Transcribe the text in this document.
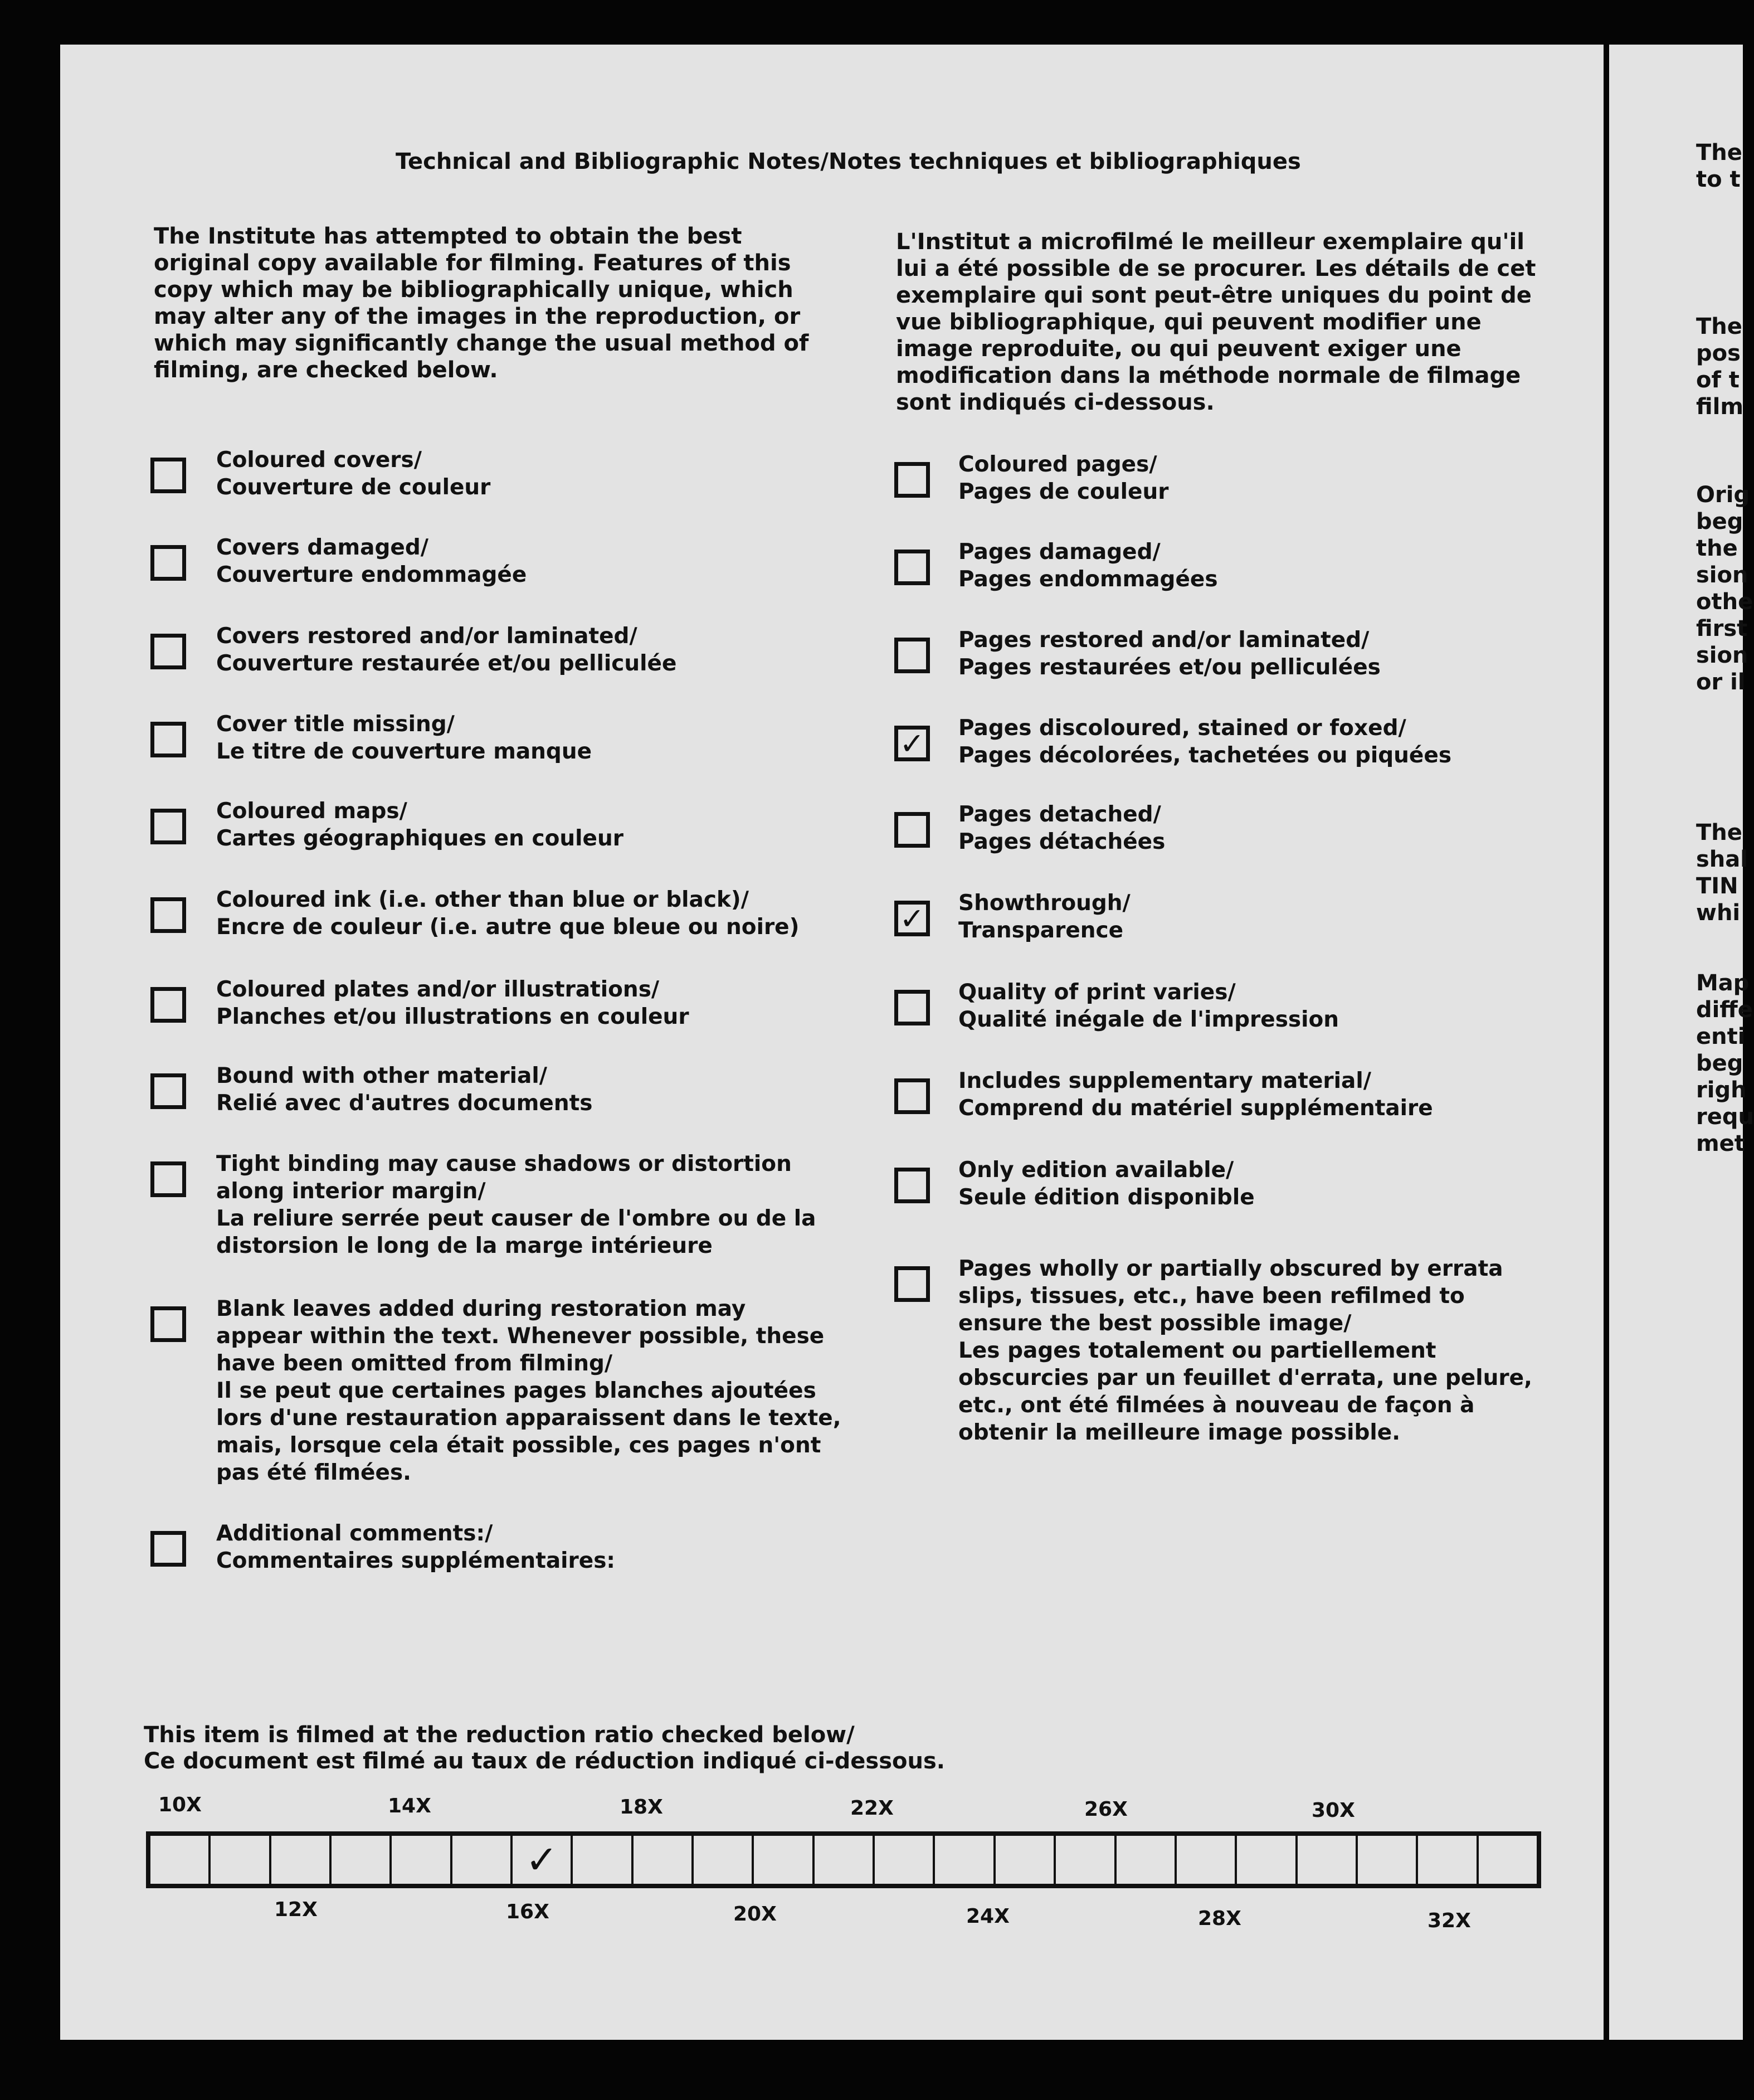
Technical and Bibliographic Notes/Notes techniques et bibliographiques
The Institute has attempted to obtain the best original copy available for filming. Features of this copy which may be bibliographically unique, which may alter any of the images in the reproduction, or which may significantly change the usual method of filming, are checked below.
L'Institut a microfilmé le meilleur exemplaire qu'il lui a été possible de se procurer. Les détails de cet exemplaire qui sont peut-être uniques du point de vue bibliographique, qui peuvent modifier une image reproduite, ou qui peuvent exiger une modification dans la méthode normale de filmage sont indiqués ci-dessous.
Coloured covers/
Couverture de couleur
Covers damaged/
Couverture endommagée
Covers restored and/or laminated/
Couverture restaurée et/ou pelliculée
Cover title missing/
Le titre de couverture manque
Coloured maps/
Cartes géographiques en couleur
Coloured ink (i.e. other than blue or black)/
Encre de couleur (i.e. autre que bleue ou noire)
Coloured plates and/or illustrations/
Planches et/ou illustrations en couleur
Bound with other material/
Relié avec d'autres documents
Tight binding may cause shadows or distortion
along interior margin/
La reliure serrée peut causer de l'ombre ou de la
distorsion le long de la marge intérieure
Blank leaves added during restoration may
appear within the text. Whenever possible, these
have been omitted from filming/
Il se peut que certaines pages blanches ajoutées
lors d'une restauration apparaissent dans le texte,
mais, lorsque cela était possible, ces pages n'ont
pas été filmées.
Additional comments:/
Commentaires supplémentaires:
Coloured pages/
Pages de couleur
Pages damaged/
Pages endommagées
Pages restored and/or laminated/
Pages restaurées et/ou pelliculées
✓ Pages discoloured, stained or foxed/
Pages décolorées, tachetées ou piquées
Pages detached/
Pages détachées
✓ Showthrough/
Transparence
Quality of print varies/
Qualité inégale de l'impression
Includes supplementary material/
Comprend du matériel supplémentaire
Only edition available/
Seule édition disponible
Pages wholly or partially obscured by errata
slips, tissues, etc., have been refilmed to
ensure the best possible image/
Les pages totalement ou partiellement
obscurcies par un feuillet d'errata, une pelure,
etc., ont été filmées à nouveau de façon à
obtenir la meilleure image possible.
This item is filmed at the reduction ratio checked below/
Ce document est filmé au taux de réduction indiqué ci-dessous.
10X	14X	18X	22X	26X	30X
✓
12X	16X	20X	24X	28X	32X
The
to t
The
pos
of t
film
Orig
beg
the
sion
othe
first
sion
or il
The
shal
TIN
whi
Map
diffe
enti
beg
righ
requ
met
